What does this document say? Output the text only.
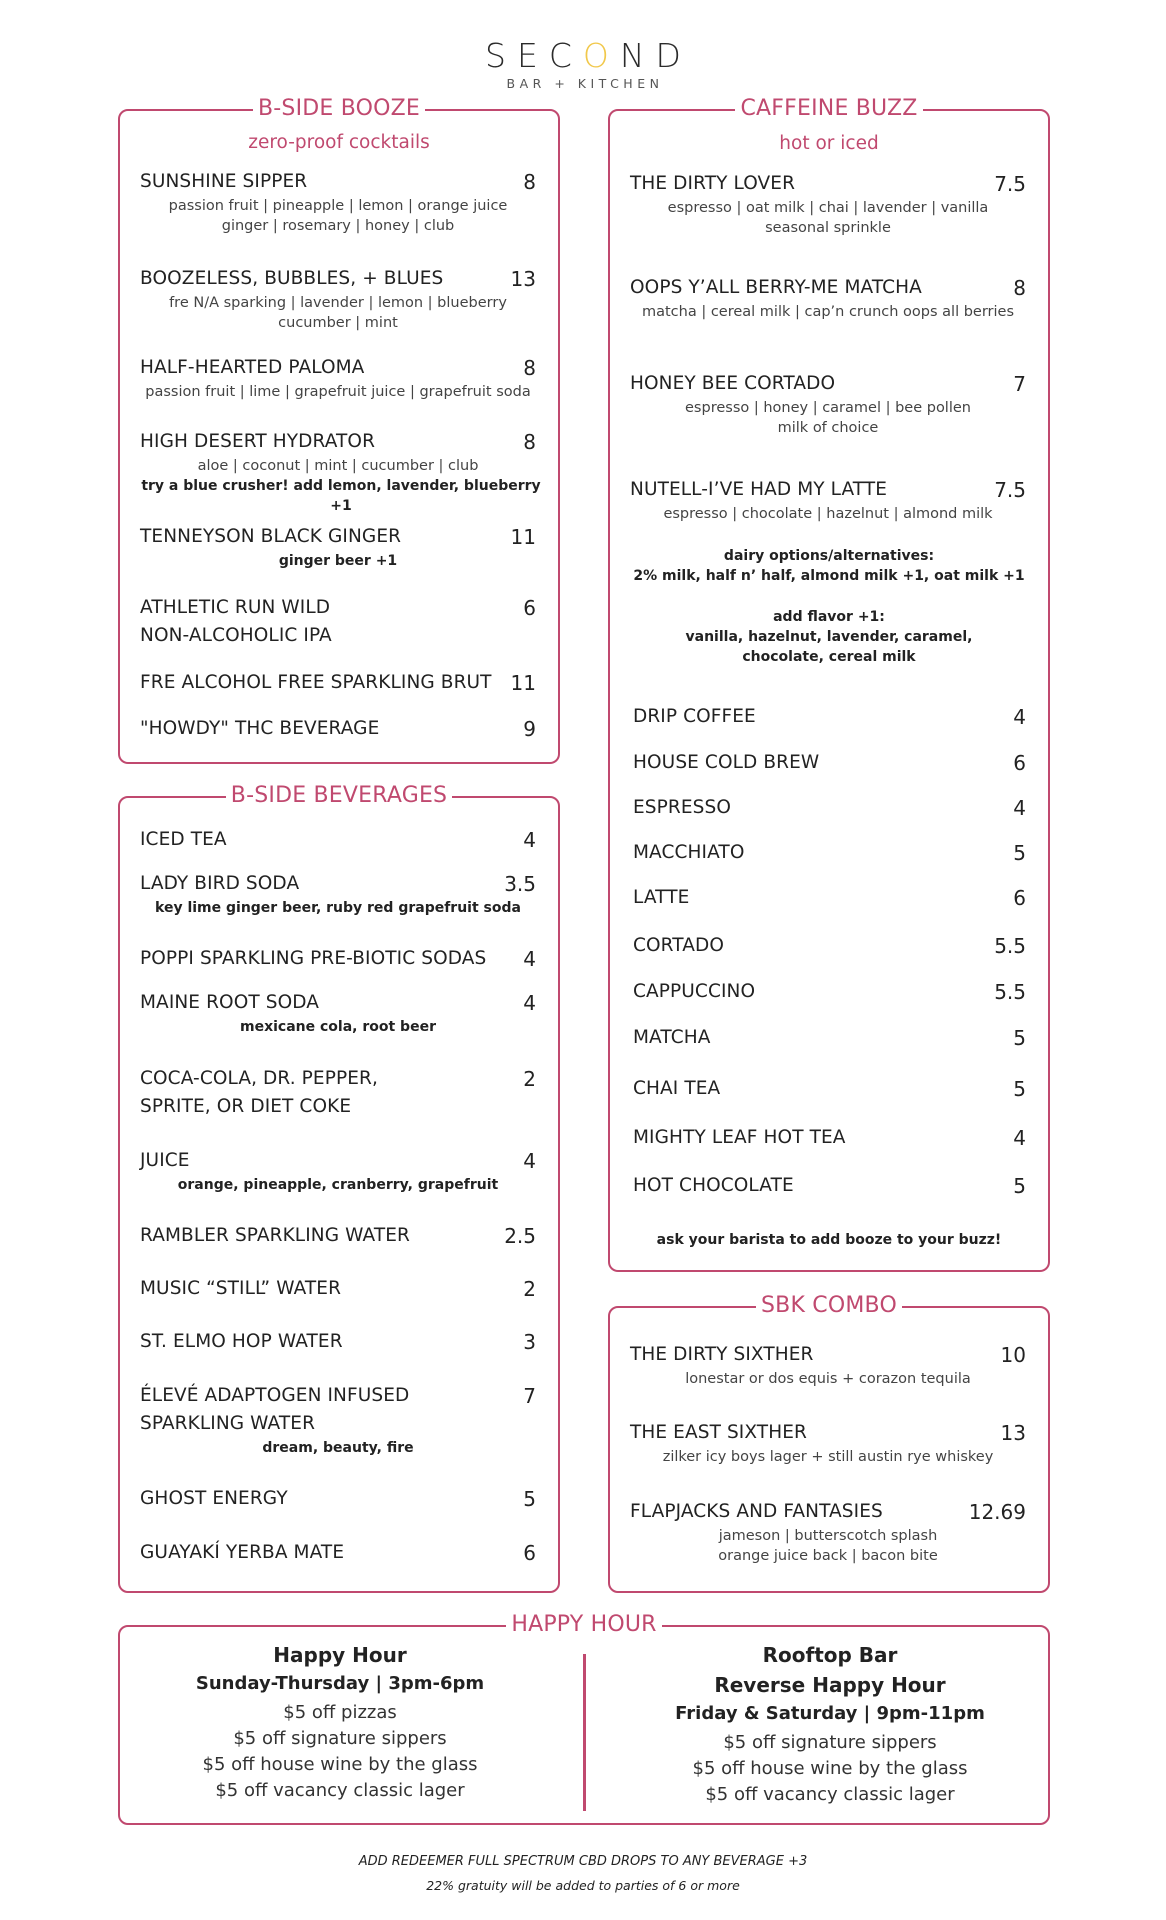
SECOND
BAR + KITCHEN
B-SIDE BOOZE
zero-proof cocktails
SUNSHINE SIPPER	8
passion fruit | pineapple | lemon | orange juice
ginger | rosemary | honey | club
BOOZELESS, BUBBLES, + BLUES	13
fre N/A sparking | lavender | lemon | blueberry
cucumber | mint
HALF-HEARTED PALOMA	8
passion fruit | lime | grapefruit juice | grapefruit soda
HIGH DESERT HYDRATOR	8
aloe | coconut | mint | cucumber | club
try a blue crusher! add lemon, lavender, blueberry +1
TENNEYSON BLACK GINGER	11
ginger beer +1
ATHLETIC RUN WILD	6
NON-ALCOHOLIC IPA
FRE ALCOHOL FREE SPARKLING BRUT 11
"HOWDY" THC BEVERAGE	9
B-SIDE BEVERAGES
ICED TEA	4
LADY BIRD SODA	3.5
key lime ginger beer, ruby red grapefruit soda
POPPI SPARKLING PRE-BIOTIC SODAS 4
MAINE ROOT SODA	4
mexicane cola, root beer
COCA-COLA, DR. PEPPER,	2
SPRITE, OR DIET COKE
JUICE	4
orange, pineapple, cranberry, grapefruit
RAMBLER SPARKLING WATER	2.5
MUSIC “STILL” WATER	2
ST. ELMO HOP WATER	3
ÉLEVÉ ADAPTOGEN INFUSED	7
SPARKLING WATER
dream, beauty, fire
GHOST ENERGY	5
GUAYAKÍ YERBA MATE	6
CAFFEINE BUZZ
hot or iced
THE DIRTY LOVER	7.5
espresso | oat milk | chai | lavender | vanilla
seasonal sprinkle
OOPS Y’ALL BERRY-ME MATCHA	8
matcha | cereal milk | cap’n crunch oops all berries
HONEY BEE CORTADO	7
espresso | honey | caramel | bee pollen
milk of choice
NUTELL-I’VE HAD MY LATTE	7.5
espresso | chocolate | hazelnut | almond milk
dairy options/alternatives:
2% milk, half n’ half, almond milk +1, oat milk +1
add flavor +1:
vanilla, hazelnut, lavender, caramel,
chocolate, cereal milk
DRIP COFFEE	4
HOUSE COLD BREW	6
ESPRESSO	4
MACCHIATO	5
LATTE	6
CORTADO	5.5
CAPPUCCINO	5.5
MATCHA	5
CHAI TEA	5
MIGHTY LEAF HOT TEA	4
HOT CHOCOLATE	5
ask your barista to add booze to your buzz!
SBK COMBO
THE DIRTY SIXTHER	10
lonestar or dos equis + corazon tequila
THE EAST SIXTHER	13
zilker icy boys lager + still austin rye whiskey
FLAPJACKS AND FANTASIES	12.69
jameson | butterscotch splash
orange juice back | bacon bite
HAPPY HOUR
Happy Hour
Sunday-Thursday | 3pm-6pm
$5 off pizzas
$5 off signature sippers
$5 off house wine by the glass
$5 off vacancy classic lager
Rooftop Bar
Reverse Happy Hour
Friday & Saturday | 9pm-11pm
$5 off signature sippers
$5 off house wine by the glass
$5 off vacancy classic lager
ADD REDEEMER FULL SPECTRUM CBD DROPS TO ANY BEVERAGE +3
22% gratuity will be added to parties of 6 or more
